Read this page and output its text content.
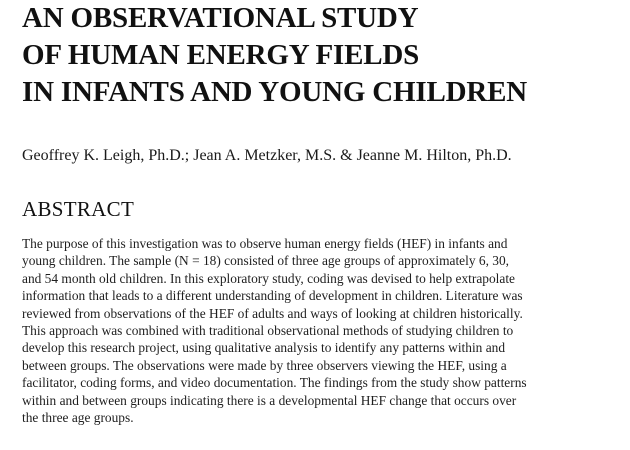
AN OBSERVATIONAL STUDY
OF HUMAN ENERGY FIELDS
IN INFANTS AND YOUNG CHILDREN
Geoffrey K. Leigh, Ph.D.; Jean A. Metzker, M.S. & Jeanne M. Hilton, Ph.D.
ABSTRACT
The purpose of this investigation was to observe human energy fields (HEF) in infants and
young children. The sample (N = 18) consisted of three age groups of approximately 6, 30,
and 54 month old children. In this exploratory study, coding was devised to help extrapolate
information that leads to a different understanding of development in children. Literature was
reviewed from observations of the HEF of adults and ways of looking at children historically.
This approach was combined with traditional observational methods of studying children to
develop this research project, using qualitative analysis to identify any patterns within and
between groups. The observations were made by three observers viewing the HEF, using a
facilitator, coding forms, and video documentation. The findings from the study show patterns
within and between groups indicating there is a developmental HEF change that occurs over
the three age groups.
